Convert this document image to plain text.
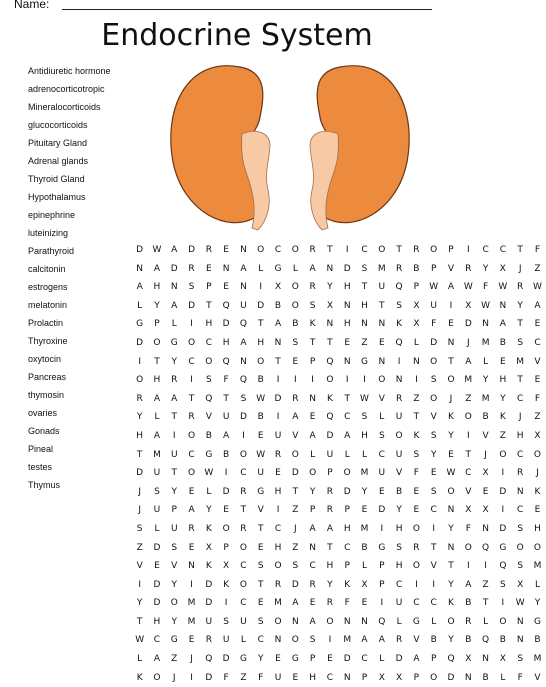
Name:
Endocrine System
Antidiuretic hormone
adrenocorticotropic
Mineralocorticoids
glucocorticoids
Pituitary Gland
Adrenal glands
Thyroid Gland
Hypothalamus
epinephrine
luteinizing
Parathyroid
calcitonin
estrogens
melatonin
Prolactin
Thyroxine
oxytocin
Pancreas
thymosin
ovaries
Gonads
Pineal
testes
Thymus
D	W	A	D	R	E	N	O	C	O	R	T	I	C	O	T	R	O	P	I	C	C	T	F
N	A	D	R	E	N	A	L	G	L	A	N	D	S	M	R	B	P	V	R	Y	X	J	Z
A	H	N	S	P	E	N	I	X	O	R	Y	H	T	U	Q	P	W	A	W	F	W	R	W
L	Y	A	D	T	Q	U	D	B	O	S	X	N	H	T	S	X	U	I	X	W	N	Y	A
G	P	L	I	H	D	Q	T	A	B	K	N	H	N	N	K	X	F	E	D	N	A	T	E
D	O	G	O	C	H	A	H	N	S	T	T	E	Z	E	Q	L	D	N	J	M	B	S	C
I	T	Y	C	O	Q	N	O	T	E	P	Q	N	G	N	I	N	O	T	A	L	E	M	V
O	H	R	I	S	F	Q	B	I	I	I	O	I	I	O	N	I	S	O	M	Y	H	T	E
R	A	A	T	Q	T	S	W	D	R	N	K	T	W	V	R	Z	O	J	Z	M	Y	C	F
Y	L	T	R	V	U	D	B	I	A	E	Q	C	S	L	U	T	V	K	O	B	K	J	Z
H	A	I	O	B	A	I	E	U	V	A	D	A	H	S	O	K	S	Y	I	V	Z	H	X
T	M	U	C	G	B	O	W	R	O	L	U	L	L	C	U	S	Y	E	T	J	O	C	O
D	U	T	O	W	I	C	U	E	D	O	P	O	M	U	V	F	E	W	C	X	I	R	J
J	S	Y	E	L	D	R	G	H	T	Y	R	D	Y	E	B	E	S	O	V	E	D	N	K
J	U	P	A	Y	E	T	V	I	Z	P	R	P	E	D	Y	E	C	N	X	X	I	C	E
S	L	U	R	K	O	R	T	C	J	A	A	H	M	I	H	O	I	Y	F	N	D	S	H
Z	D	S	E	X	P	O	E	H	Z	N	T	C	B	G	S	R	T	N	O	Q	G	O	O
V	E	V	N	K	X	C	S	O	S	C	H	P	L	P	H	O	V	T	I	I	Q	S	M
I	D	Y	I	D	K	O	T	R	D	R	Y	K	X	P	C	I	I	Y	A	Z	S	X	L
Y	D	O	M	D	I	C	E	M	A	E	R	F	E	I	U	C	C	K	B	T	I	W	Y
T	H	Y	M	U	S	U	S	O	N	A	O	N	N	Q	L	G	L	O	R	L	O	N	G
W	C	G	E	R	U	L	C	N	O	S	I	M	A	A	R	V	B	Y	B	Q	B	N	B
L	A	Z	J	Q	D	G	Y	E	G	P	E	D	C	L	D	A	P	Q	X	N	X	S	M
K	O	J	I	D	F	Z	F	U	E	H	C	N	P	X	X	P	O	D	N	B	L	F	V
